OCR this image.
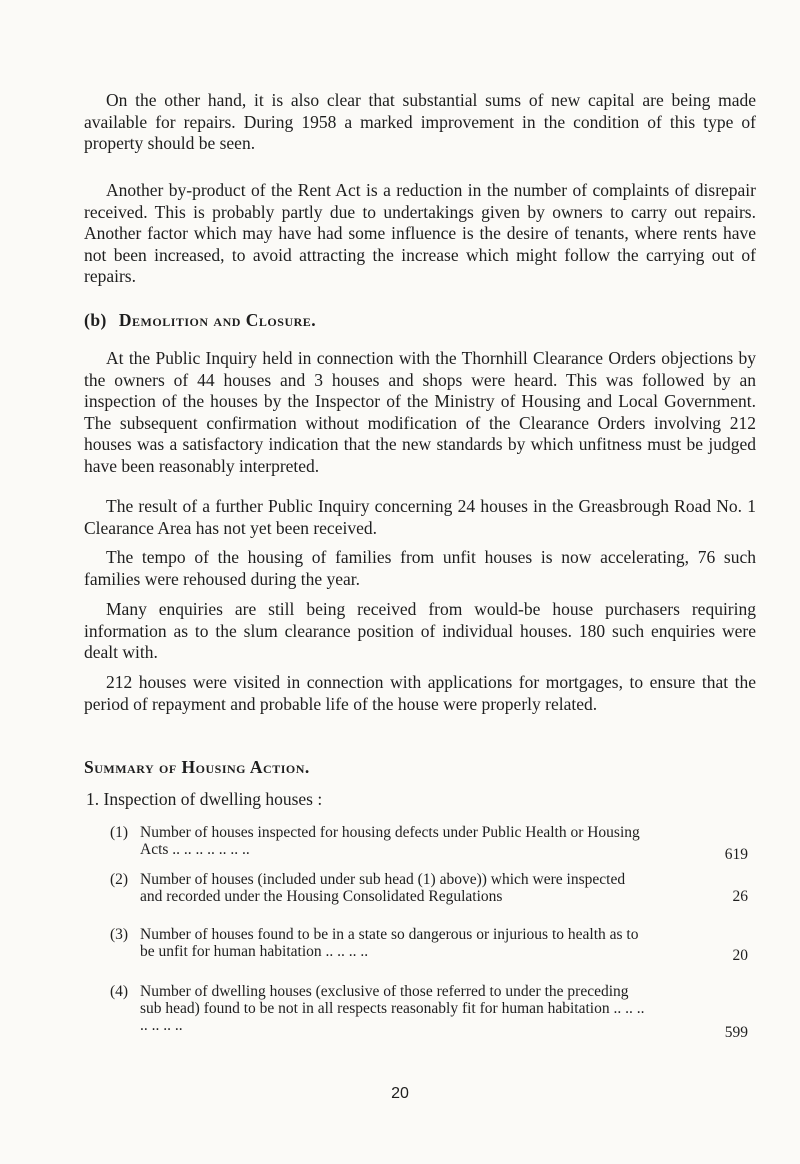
On the other hand, it is also clear that substantial sums of new capital are being made available for repairs. During 1958 a marked improvement in the condition of this type of property should be seen.

Another by-product of the Rent Act is a reduction in the number of complaints of disrepair received. This is probably partly due to undertakings given by owners to carry out repairs. Another factor which may have had some influence is the desire of tenants, where rents have not been increased, to avoid attracting the increase which might follow the carrying out of repairs.

(b) Demolition and Closure.

At the Public Inquiry held in connection with the Thornhill Clearance Orders objections by the owners of 44 houses and 3 houses and shops were heard. This was followed by an inspection of the houses by the Inspector of the Ministry of Housing and Local Government. The subsequent confirmation without modification of the Clearance Orders involving 212 houses was a satisfactory indication that the new standards by which unfitness must be judged have been reasonably interpreted.

The result of a further Public Inquiry concerning 24 houses in the Greasbrough Road No. 1 Clearance Area has not yet been received.

The tempo of the housing of families from unfit houses is now accelerating, 76 such families were rehoused during the year.

Many enquiries are still being received from would-be house purchasers requiring information as to the slum clearance position of individual houses. 180 such enquiries were dealt with.

212 houses were visited in connection with applications for mortgages, to ensure that the period of repayment and probable life of the house were properly related.

Summary of Housing Action.

1. Inspection of dwelling houses :

(1) Number of houses inspected for housing defects under Public Health or Housing Acts .. .. .. .. .. .. ..	619
(2) Number of houses (included under sub head (1) above)) which were inspected and recorded under the Housing Consolidated Regulations	26
(3) Number of houses found to be in a state so dangerous or injurious to health as to be unfit for human habitation .. .. .. ..	20
(4) Number of dwelling houses (exclusive of those referred to under the preceding sub head) found to be not in all respects reasonably fit for human habitation .. .. .. .. .. .. ..	599
20
